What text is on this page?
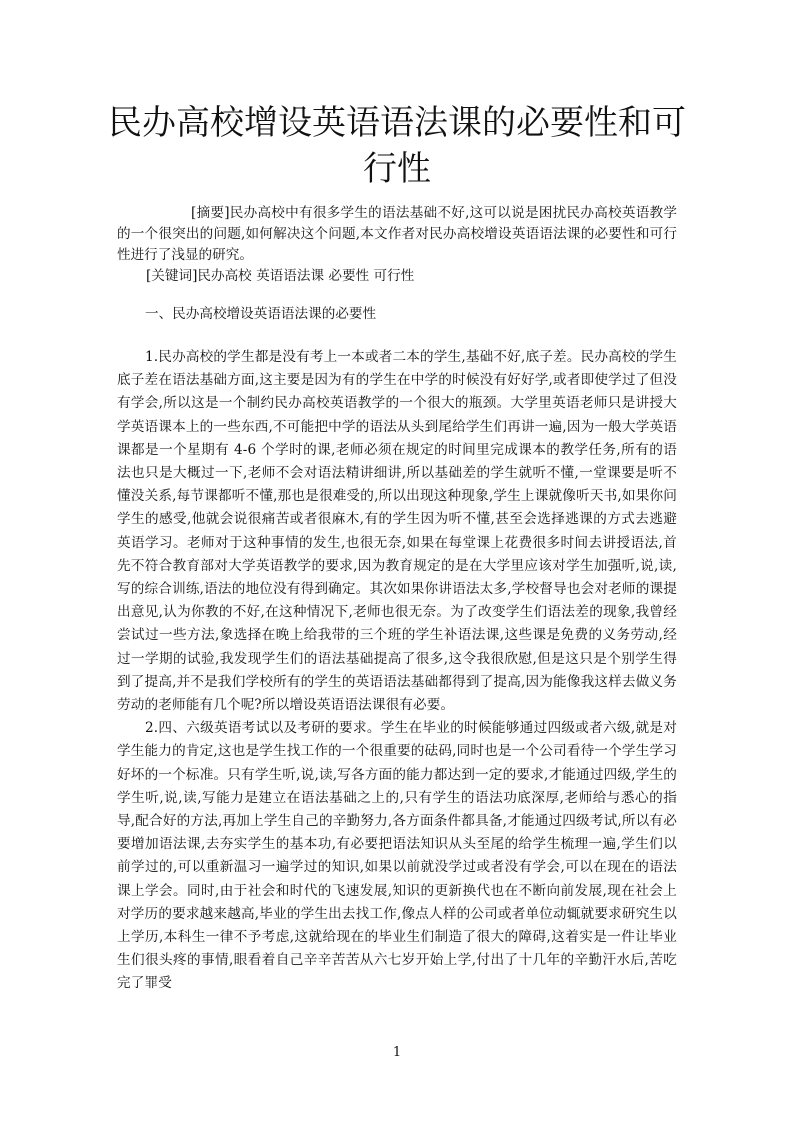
民办高校增设英语语法课的必要性和可行性

[摘要]民办高校中有很多学生的语法基础不好,这可以说是困扰民办高校英语教学的一个很突出的问题,如何解决这个问题,本文作者对民办高校增设英语语法课的必要性和可行性进行了浅显的研究。

[关键词]民办高校 英语语法课 必要性 可行性

一、民办高校增设英语语法课的必要性

1.民办高校的学生都是没有考上一本或者二本的学生,基础不好,底子差。民办高校的学生底子差在语法基础方面,这主要是因为有的学生在中学的时候没有好好学,或者即使学过了但没有学会,所以这是一个制约民办高校英语教学的一个很大的瓶颈。大学里英语老师只是讲授大学英语课本上的一些东西,不可能把中学的语法从头到尾给学生们再讲一遍,因为一般大学英语课都是一个星期有 4-6 个学时的课,老师必须在规定的时间里完成课本的教学任务,所有的语法也只是大概过一下,老师不会对语法精讲细讲,所以基础差的学生就听不懂,一堂课要是听不懂没关系,每节课都听不懂,那也是很难受的,所以出现这种现象,学生上课就像听天书,如果你问学生的感受,他就会说很痛苦或者很麻木,有的学生因为听不懂,甚至会选择逃课的方式去逃避英语学习。老师对于这种事情的发生,也很无奈,如果在每堂课上花费很多时间去讲授语法,首先不符合教育部对大学英语教学的要求,因为教育规定的是在大学里应该对学生加强听,说,读,写的综合训练,语法的地位没有得到确定。其次如果你讲语法太多,学校督导也会对老师的课提出意见,认为你教的不好,在这种情况下,老师也很无奈。为了改变学生们语法差的现象,我曾经尝试过一些方法,象选择在晚上给我带的三个班的学生补语法课,这些课是免费的义务劳动,经过一学期的试验,我发现学生们的语法基础提高了很多,这令我很欣慰,但是这只是个别学生得到了提高,并不是我们学校所有的学生的英语语法基础都得到了提高,因为能像我这样去做义务劳动的老师能有几个呢?所以增设英语语法课很有必要。

2.四、六级英语考试以及考研的要求。学生在毕业的时候能够通过四级或者六级,就是对学生能力的肯定,这也是学生找工作的一个很重要的砝码,同时也是一个公司看待一个学生学习好坏的一个标准。只有学生听,说,读,写各方面的能力都达到一定的要求,才能通过四级,学生的学生听,说,读,写能力是建立在语法基础之上的,只有学生的语法功底深厚,老师给与悉心的指导,配合好的方法,再加上学生自己的辛勤努力,各方面条件都具备,才能通过四级考试,所以有必要增加语法课,去夯实学生的基本功,有必要把语法知识从头至尾的给学生梳理一遍,学生们以前学过的,可以重新温习一遍学过的知识,如果以前就没学过或者没有学会,可以在现在的语法课上学会。同时,由于社会和时代的飞速发展,知识的更新换代也在不断向前发展,现在社会上对学历的要求越来越高,毕业的学生出去找工作,像点人样的公司或者单位动辄就要求研究生以上学历,本科生一律不予考虑,这就给现在的毕业生们制造了很大的障碍,这着实是一件让毕业生们很头疼的事情,眼看着自己辛辛苦苦从六七岁开始上学,付出了十几年的辛勤汗水后,苦吃完了罪受

1
